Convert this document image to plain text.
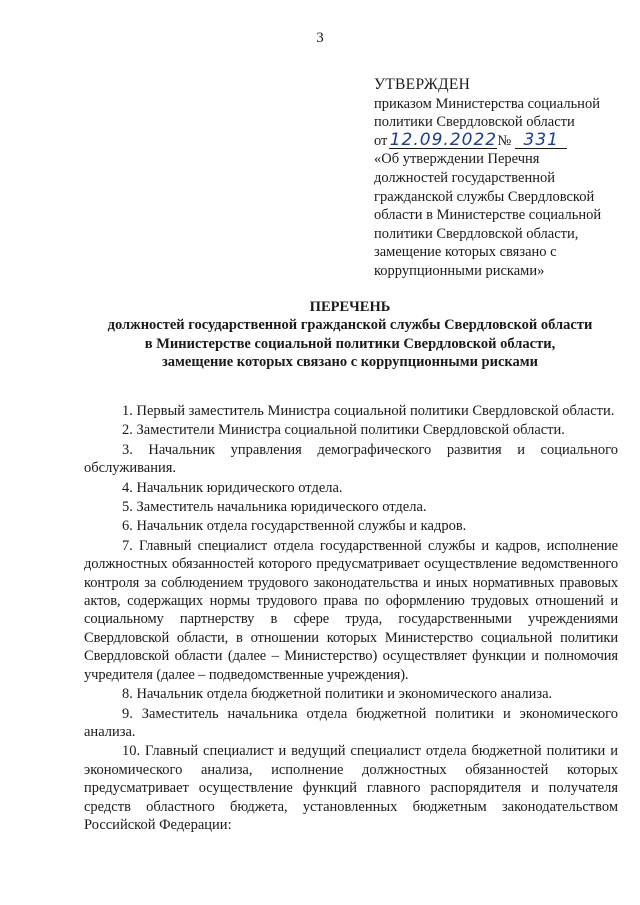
3
УТВЕРЖДЕН
приказом Министерства социальной
политики Свердловской области
от 12.09.2022№ 331
«Об утверждении Перечня
должностей государственной
гражданской службы Свердловской
области в Министерстве социальной
политики Свердловской области,
замещение которых связано с
коррупционными рисками»
ПЕРЕЧЕНЬ
должностей государственной гражданской службы Свердловской области
в Министерстве социальной политики Свердловской области,
замещение которых связано с коррупционными рисками

1. Первый заместитель Министра социальной политики Свердловской области.

2. Заместители Министра социальной политики Свердловской области.

3. Начальник управления демографического развития и социального обслуживания.

4. Начальник юридического отдела.

5. Заместитель начальника юридического отдела.

6. Начальник отдела государственной службы и кадров.

7. Главный специалист отдела государственной службы и кадров, исполнение должностных обязанностей которого предусматривает осуществление ведомственного контроля за соблюдением трудового законодательства и иных нормативных правовых актов, содержащих нормы трудового права по оформлению трудовых отношений и социальному партнерству в сфере труда, государственными учреждениями Свердловской области, в отношении которых Министерство социальной политики Свердловской области (далее – Министерство) осуществляет функции и полномочия учредителя (далее – подведомственные учреждения).

8. Начальник отдела бюджетной политики и экономического анализа.

9. Заместитель начальника отдела бюджетной политики и экономического анализа.

10. Главный специалист и ведущий специалист отдела бюджетной политики и экономического анализа, исполнение должностных обязанностей которых предусматривает осуществление функций главного распорядителя и получателя средств областного бюджета, установленных бюджетным законодательством Российской Федерации:
